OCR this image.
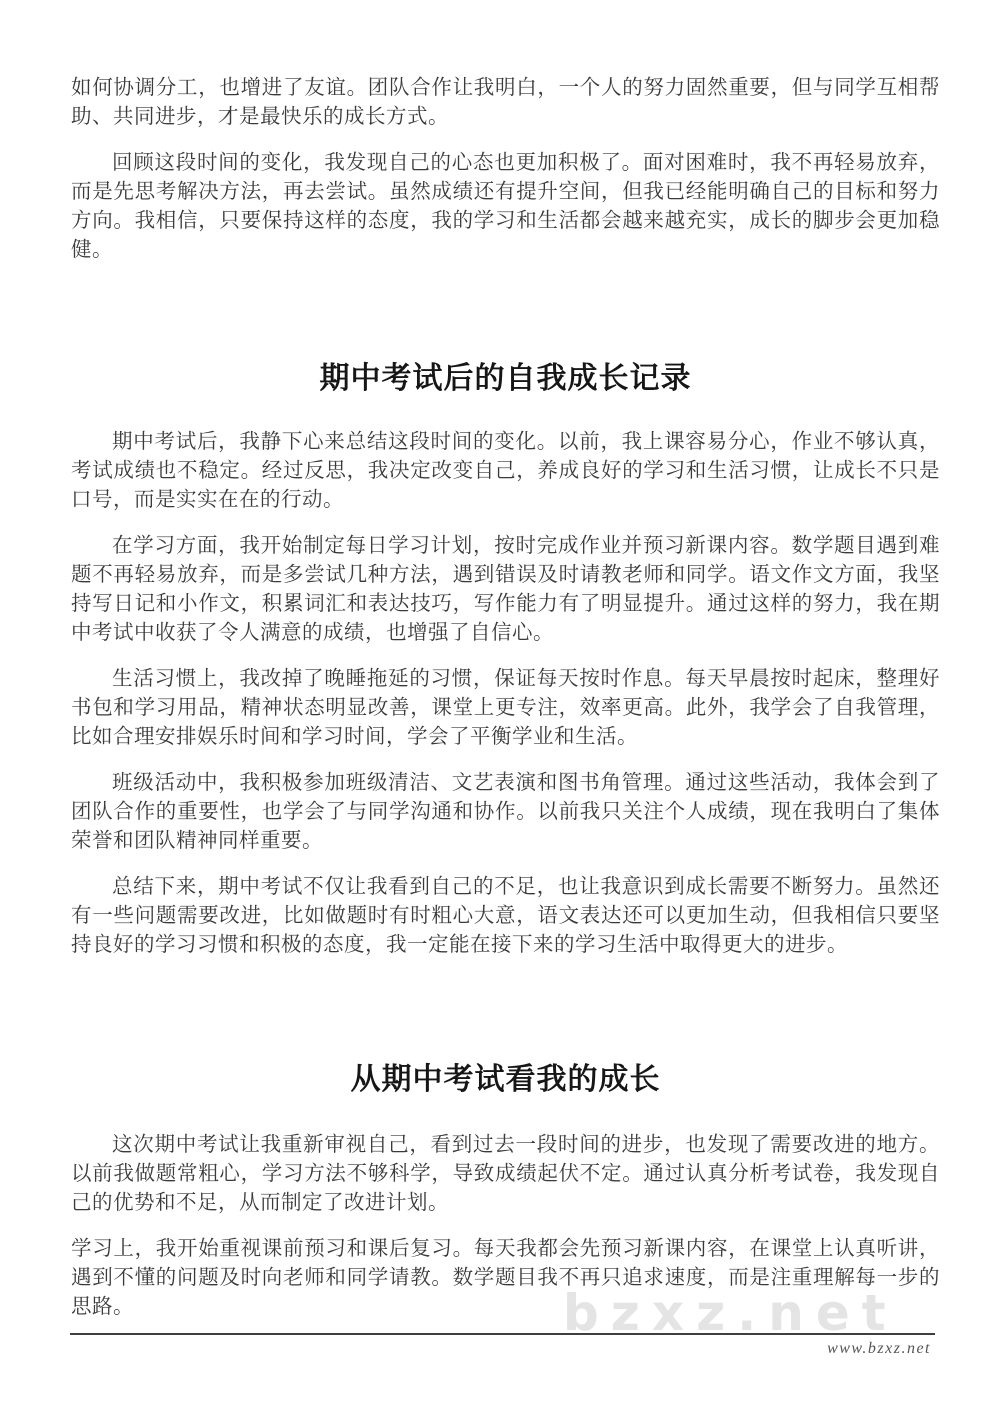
bzxz.net

如何协调分工，也增进了友谊。团队合作让我明白，一个人的努力固然重要，但与同学互相帮助、共同进步，才是最快乐的成长方式。

回顾这段时间的变化，我发现自己的心态也更加积极了。面对困难时，我不再轻易放弃，而是先思考解决方法，再去尝试。虽然成绩还有提升空间，但我已经能明确自己的目标和努力方向。我相信，只要保持这样的态度，我的学习和生活都会越来越充实，成长的脚步会更加稳健。

期中考试后的自我成长记录

期中考试后，我静下心来总结这段时间的变化。以前，我上课容易分心，作业不够认真，考试成绩也不稳定。经过反思，我决定改变自己，养成良好的学习和生活习惯，让成长不只是口号，而是实实在在的行动。

在学习方面，我开始制定每日学习计划，按时完成作业并预习新课内容。数学题目遇到难题不再轻易放弃，而是多尝试几种方法，遇到错误及时请教老师和同学。语文作文方面，我坚持写日记和小作文，积累词汇和表达技巧，写作能力有了明显提升。通过这样的努力，我在期中考试中收获了令人满意的成绩，也增强了自信心。

生活习惯上，我改掉了晚睡拖延的习惯，保证每天按时作息。每天早晨按时起床，整理好书包和学习用品，精神状态明显改善，课堂上更专注，效率更高。此外，我学会了自我管理，比如合理安排娱乐时间和学习时间，学会了平衡学业和生活。

班级活动中，我积极参加班级清洁、文艺表演和图书角管理。通过这些活动，我体会到了团队合作的重要性，也学会了与同学沟通和协作。以前我只关注个人成绩，现在我明白了集体荣誉和团队精神同样重要。

总结下来，期中考试不仅让我看到自己的不足，也让我意识到成长需要不断努力。虽然还有一些问题需要改进，比如做题时有时粗心大意，语文表达还可以更加生动，但我相信只要坚持良好的学习习惯和积极的态度，我一定能在接下来的学习生活中取得更大的进步。

从期中考试看我的成长

这次期中考试让我重新审视自己，看到过去一段时间的进步，也发现了需要改进的地方。以前我做题常粗心，学习方法不够科学，导致成绩起伏不定。通过认真分析考试卷，我发现自己的优势和不足，从而制定了改进计划。

学习上，我开始重视课前预习和课后复习。每天我都会先预习新课内容，在课堂上认真听讲，遇到不懂的问题及时向老师和同学请教。数学题目我不再只追求速度，而是注重理解每一步的思路。

www.bzxz.net
